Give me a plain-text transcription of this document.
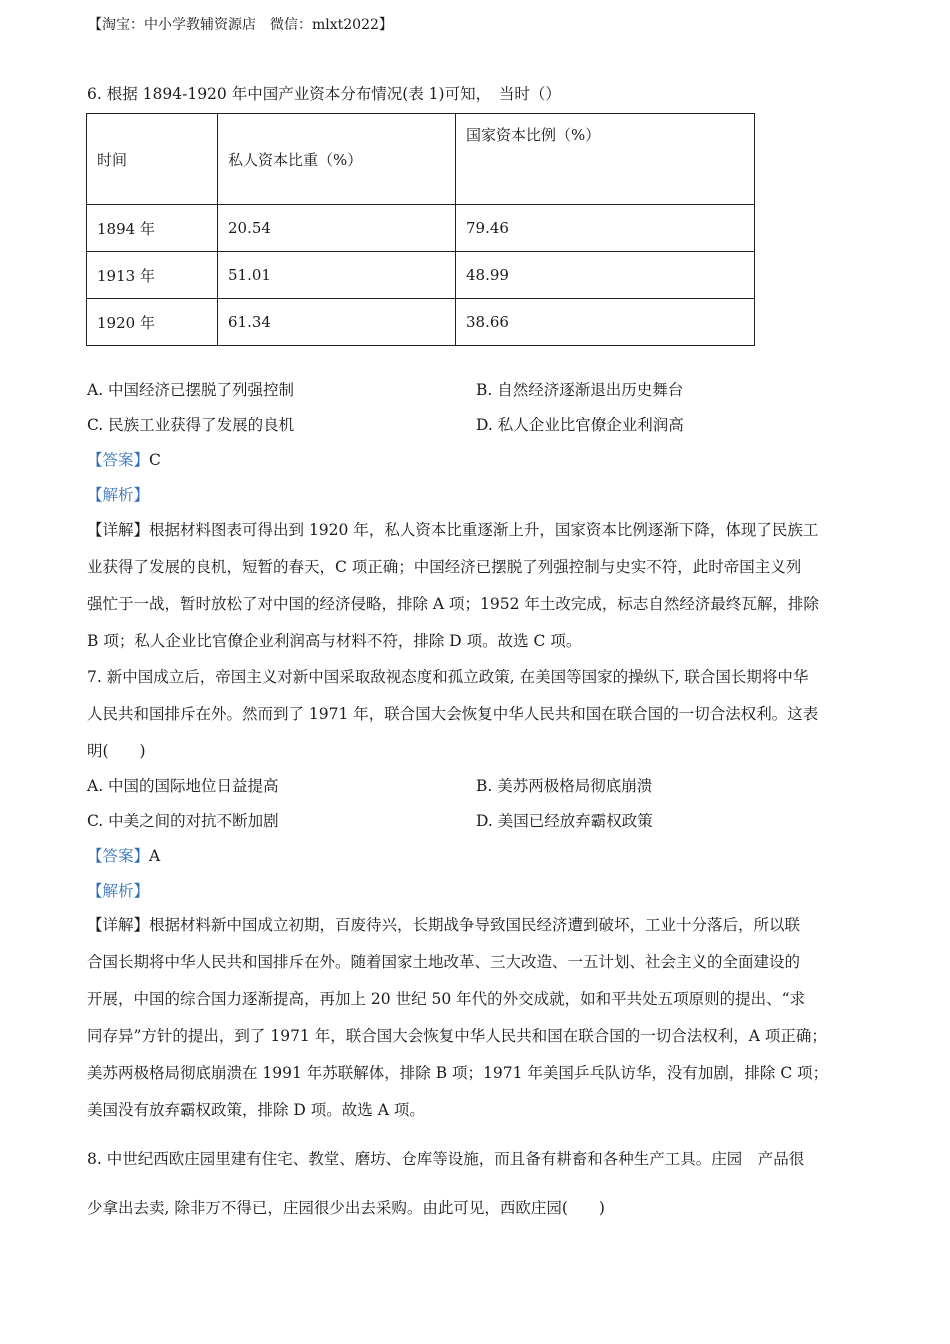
【淘宝：中小学教辅资源店　微信：mlxt2022】
6. 根据 1894-1920 年中国产业资本分布情况(表 1)可知，　当时（）
时间	私人资本比重（%）	国家资本比例（%）
1894 年	20.54	79.46
1913 年	51.01	48.99
1920 年	61.34	38.66
A. 中国经济已摆脱了列强控制	B. 自然经济逐渐退出历史舞台
C. 民族工业获得了发展的良机	D. 私人企业比官僚企业利润高
【答案】C
【解析】
【详解】根据材料图表可得出到 1920 年，私人资本比重逐渐上升，国家资本比例逐渐下降，体现了民族工
业获得了发展的良机，短暂的春天，C 项正确；中国经济已摆脱了列强控制与史实不符，此时帝国主义列
强忙于一战，暂时放松了对中国的经济侵略，排除 A 项；1952 年土改完成，标志自然经济最终瓦解，排除
B 项；私人企业比官僚企业利润高与材料不符，排除 D 项。故选 C 项。
7. 新中国成立后，帝国主义对新中国采取敌视态度和孤立政策, 在美国等国家的操纵下, 联合国长期将中华
人民共和国排斥在外。然而到了 1971 年，联合国大会恢复中华人民共和国在联合国的一切合法权利。这表
明(　　)
A. 中国的国际地位日益提高	B. 美苏两极格局彻底崩溃
C. 中美之间的对抗不断加剧	D. 美国已经放弃霸权政策
【答案】A
【解析】
【详解】根据材料新中国成立初期，百废待兴，长期战争导致国民经济遭到破坏，工业十分落后，所以联
合国长期将中华人民共和国排斥在外。随着国家土地改革、三大改造、一五计划、社会主义的全面建设的
开展，中国的综合国力逐渐提高，再加上 20 世纪 50 年代的外交成就，如和平共处五项原则的提出、“求
同存异”方针的提出，到了 1971 年，联合国大会恢复中华人民共和国在联合国的一切合法权利，A 项正确；
美苏两极格局彻底崩溃在 1991 年苏联解体，排除 B 项；1971 年美国乒乓队访华，没有加剧，排除 C 项；
美国没有放弃霸权政策，排除 D 项。故选 A 项。
8. 中世纪西欧庄园里建有住宅、教堂、磨坊、仓库等设施，而且备有耕畜和各种生产工具。庄园　产品很
少拿出去卖, 除非万不得已，庄园很少出去采购。由此可见，西欧庄园(　　)
